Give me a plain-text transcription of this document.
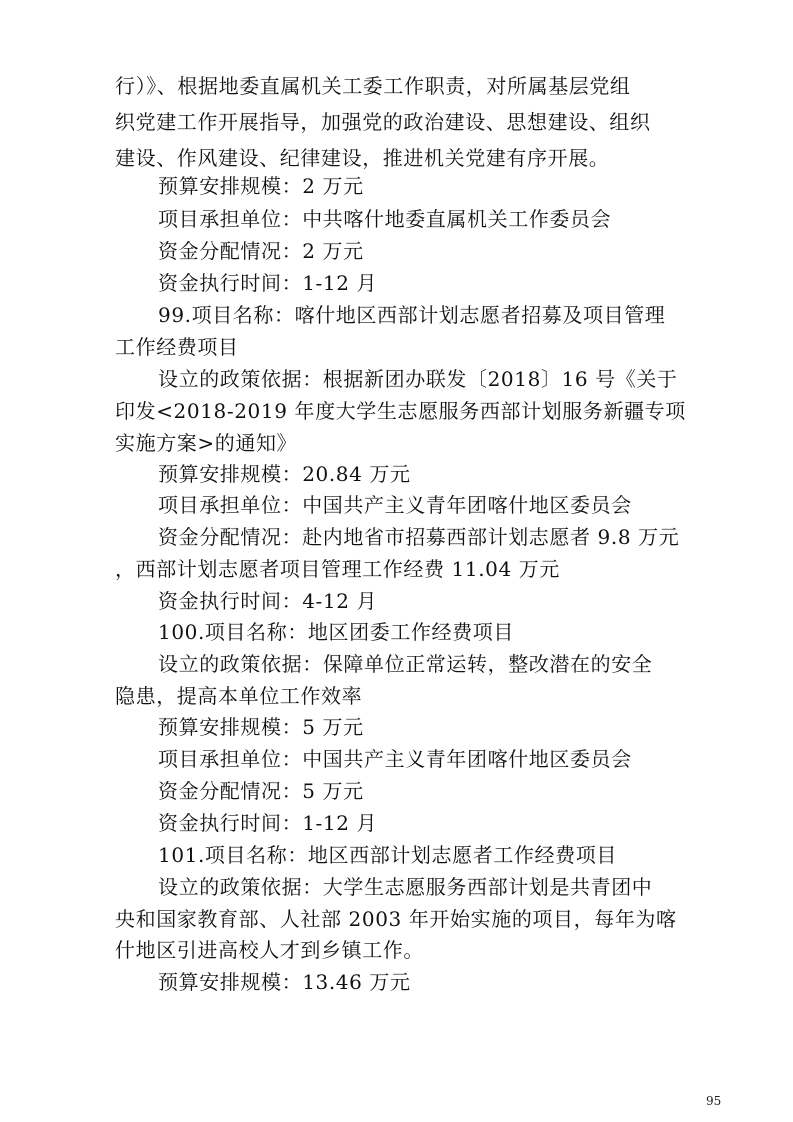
行）》、根据地委直属机关工委工作职责，对所属基层党组
织党建工作开展指导，加强党的政治建设、思想建设、组织
建设、作风建设、纪律建设，推进机关党建有序开展。
预算安排规模：2 万元
项目承担单位：中共喀什地委直属机关工作委员会
资金分配情况：2 万元
资金执行时间：1-12 月
99.项目名称：喀什地区西部计划志愿者招募及项目管理
工作经费项目
设立的政策依据：根据新团办联发〔2018〕16 号《关于
印发<2018-2019 年度大学生志愿服务西部计划服务新疆专项
实施方案>的通知》
预算安排规模：20.84 万元
项目承担单位：中国共产主义青年团喀什地区委员会
资金分配情况：赴内地省市招募西部计划志愿者 9.8 万元
，西部计划志愿者项目管理工作经费 11.04 万元
资金执行时间：4-12 月
100.项目名称：地区团委工作经费项目
设立的政策依据：保障单位正常运转，整改潜在的安全
隐患，提高本单位工作效率
预算安排规模：5 万元
项目承担单位：中国共产主义青年团喀什地区委员会
资金分配情况：5 万元
资金执行时间：1-12 月
101.项目名称：地区西部计划志愿者工作经费项目
设立的政策依据：大学生志愿服务西部计划是共青团中
央和国家教育部、人社部 2003 年开始实施的项目，每年为喀
什地区引进高校人才到乡镇工作。
预算安排规模：13.46 万元
95
